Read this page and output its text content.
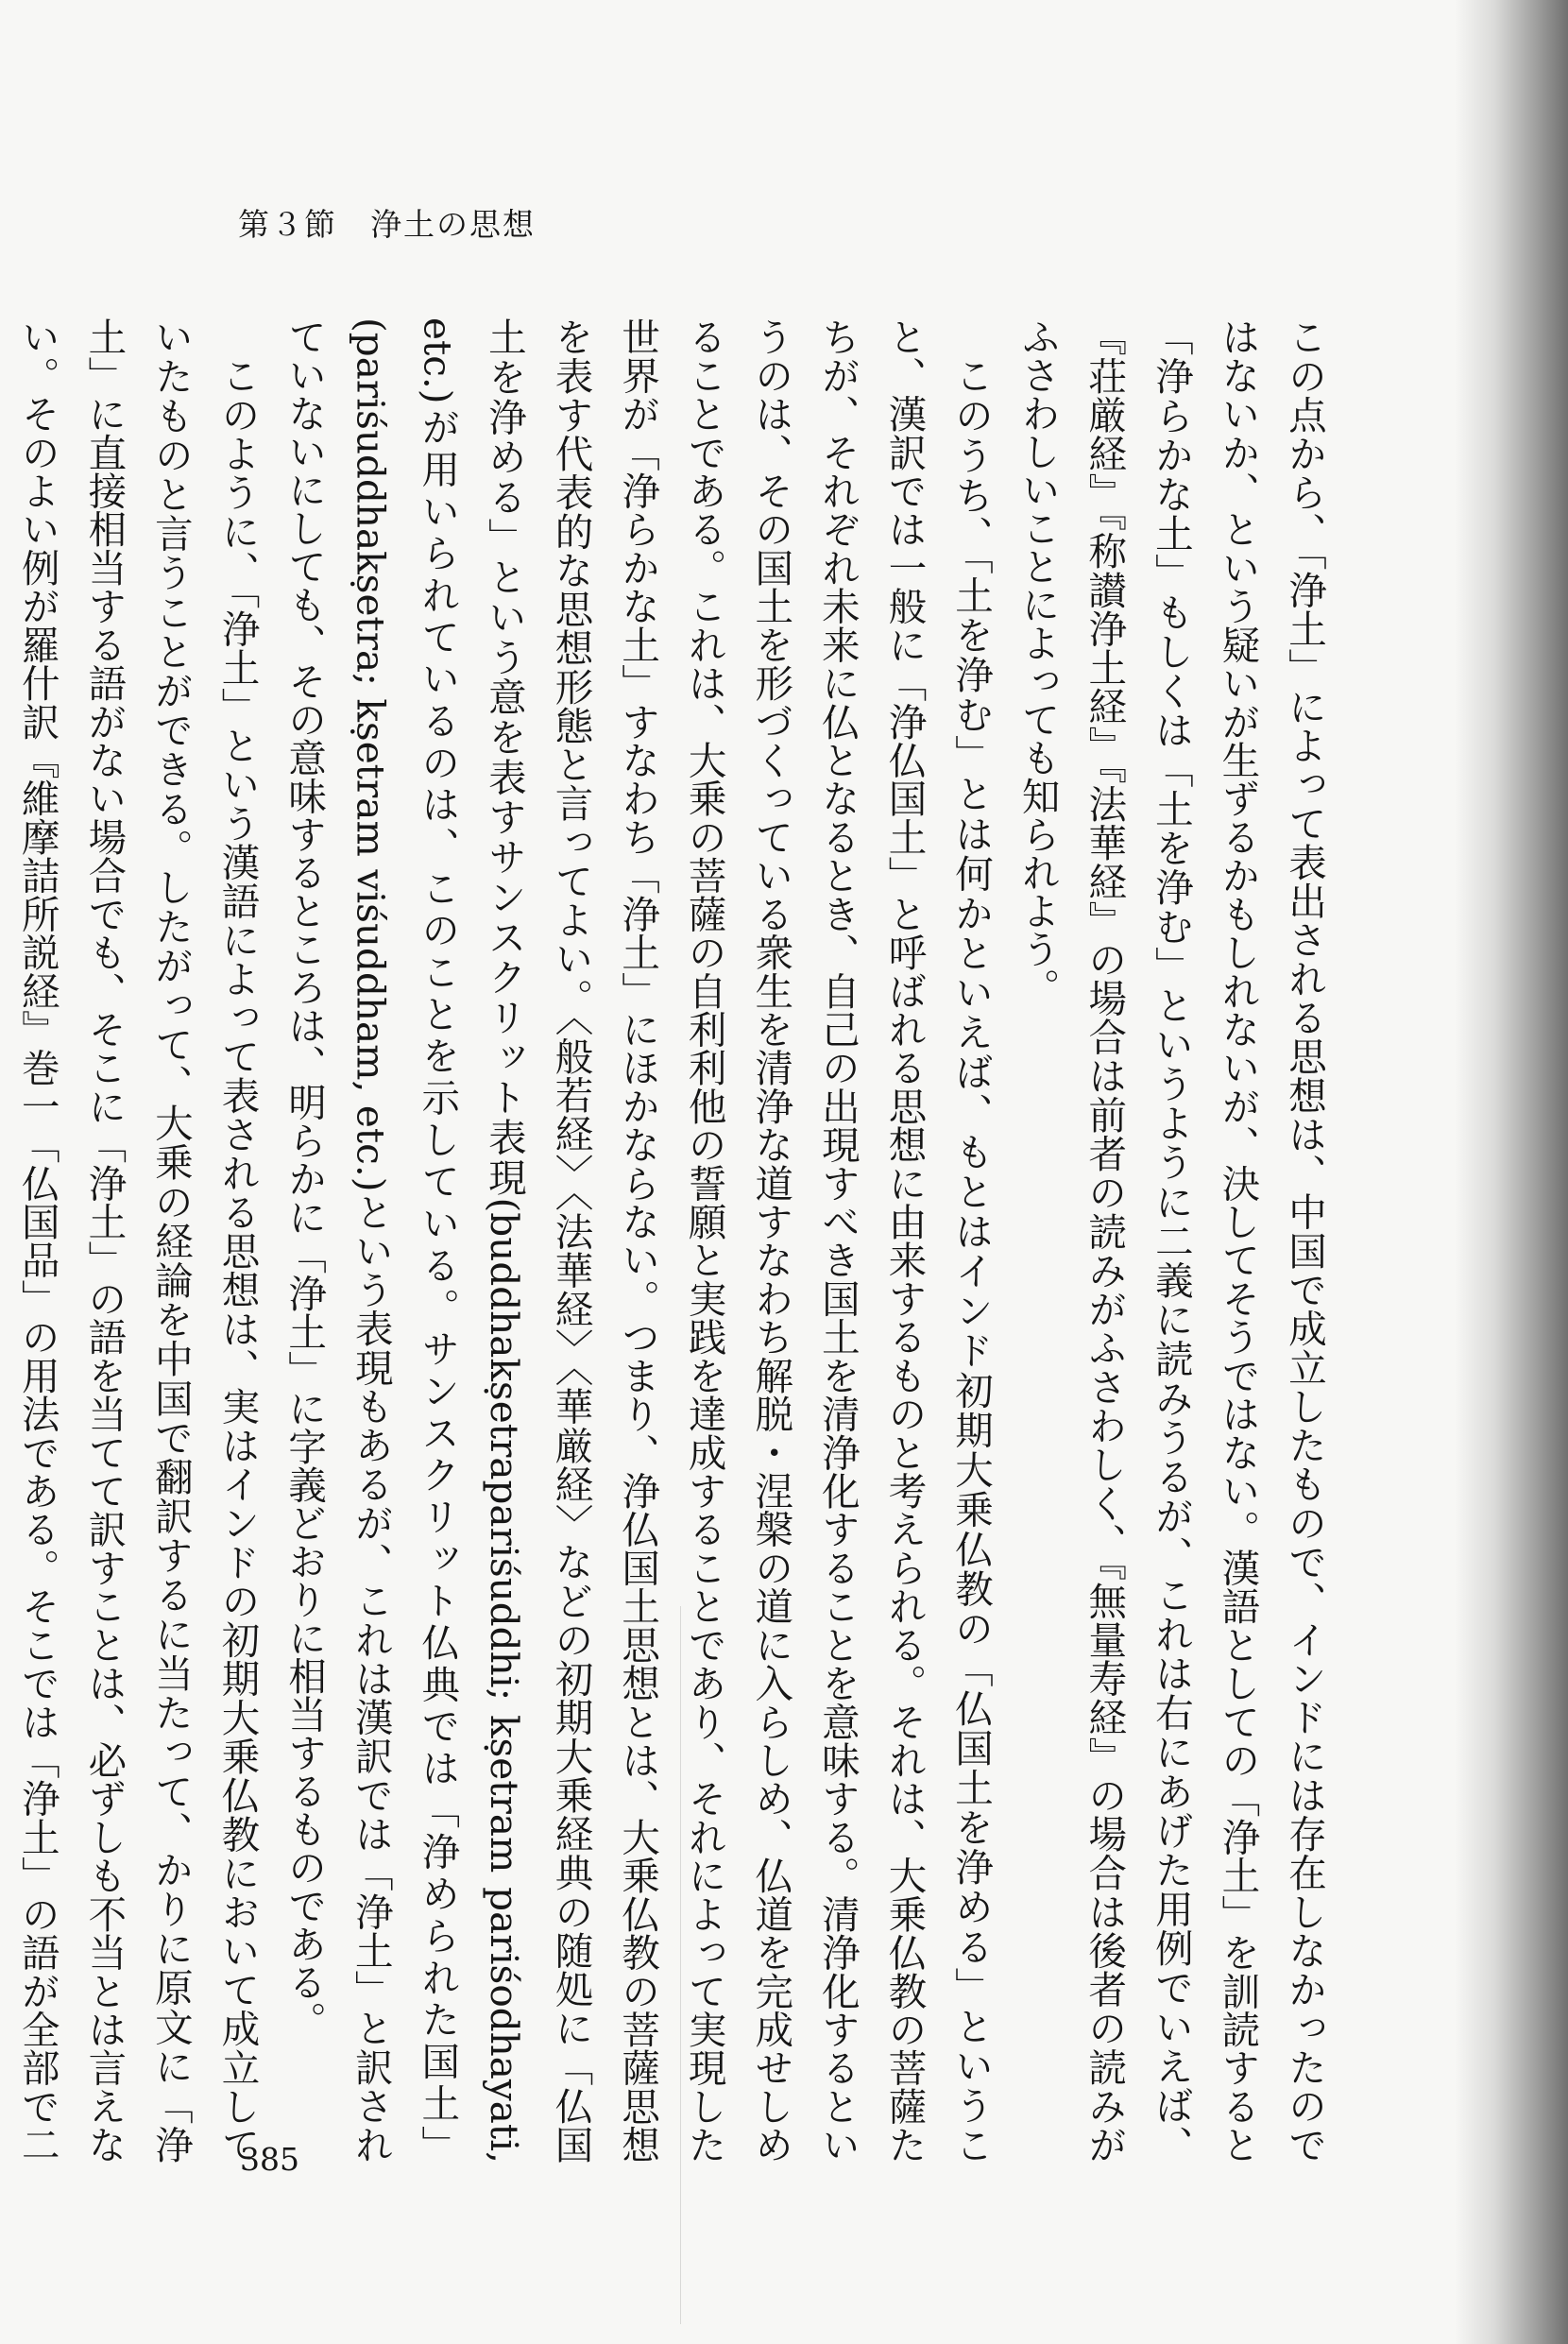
第３節　浄土の思想

この点から、「浄土」によって表出される思想は、中国で成立したもので、インドには存在しなかったのではないか、という疑いが生ずるかもしれないが、決してそうではない。漢語としての「浄土」を訓読すると「浄らかな土」もしくは「土を浄む」というように二義に読みうるが、これは右にあげた用例でいえば、『荘厳経』『称讃浄土経』『法華経』の場合は前者の読みがふさわしく、『無量寿経』の場合は後者の読みがふさわしいことによっても知られよう。

このうち、「土を浄む」とは何かといえば、もとはインド初期大乗仏教の「仏国土を浄める」ということ、漢訳では一般に「浄仏国土」と呼ばれる思想に由来するものと考えられる。それは、大乗仏教の菩薩たちが、それぞれ未来に仏となるとき、自己の出現すべき国土を清浄化することを意味する。清浄化するというのは、その国土を形づくっている衆生を清浄な道すなわち解脱・涅槃の道に入らしめ、仏道を完成せしめることである。これは、大乗の菩薩の自利利他の誓願と実践を達成することであり、それによって実現した世界が「浄らかな土」すなわち「浄土」にほかならない。つまり、浄仏国土思想とは、大乗仏教の菩薩思想を表す代表的な思想形態と言ってよい。〈般若経〉〈法華経〉〈華厳経〉などの初期大乗経典の随処に「仏国土を浄める」という意を表すサンスクリット表現(buddhakṣetrapariśuddhi; kṣetram pariśodhayati, etc.)が用いられているのは、このことを示している。サンスクリット仏典では「浄められた国土」(pariśuddhakṣetra; kṣetram viśuddham, etc.)という表現もあるが、これは漢訳では「浄土」と訳されていないにしても、その意味するところは、明らかに「浄土」に字義どおりに相当するものである。

このように、「浄土」という漢語によって表される思想は、実はインドの初期大乗仏教において成立していたものと言うことができる。したがって、大乗の経論を中国で翻訳するに当たって、かりに原文に「浄土」に直接相当する語がない場合でも、そこに「浄土」の語を当てて訳すことは、必ずしも不当とは言えない。そのよい例が羅什訳『維摩詰所説経』巻一「仏国品」の用法である。そこでは「浄土」の語が全部で二	385
